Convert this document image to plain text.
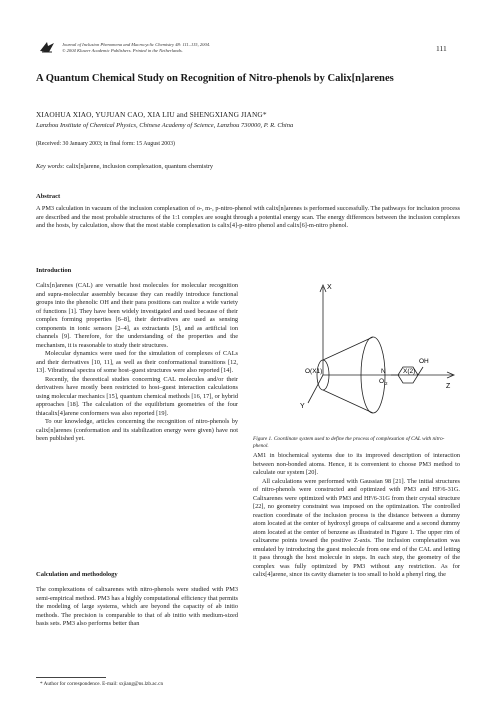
Journal of Inclusion Phenomena and Macrocyclic Chemistry 48: 111–115, 2004.
© 2004 Kluwer Academic Publishers. Printed in the Netherlands.	111
A Quantum Chemical Study on Recognition of Nitro-phenols by Calix[n]arenes
XIAOHUA XIAO, YUJUAN CAO, XIA LIU and SHENGXIANG JIANG*
Lanzhou Institute of Chemical Physics, Chinese Academy of Science, Lanzhou 730000, P. R. China
(Received: 30 January 2003; in final form: 15 August 2003)
Key words: calix[n]arene, inclusion complexation, quantum chemistry
Abstract

A PM3 calculation in vacuum of the inclusion complexation of o-, m-, p-nitro-phenol with calix[n]arenes is performed successfully. The pathways for inclusion process are described and the most probable structures of the 1:1 complex are sought through a potential energy scan. The energy differences between the inclusion complexes and the hosts, by calculation, show that the most stable complexation is calix[4]-p-nitro phenol and calix[6]-m-nitro phenol.

Introduction

Calix[n]arenes (CAL) are versatile host molecules for molecular recognition and supra-molecular assembly because they can readily introduce functional groups into the phenolic OH and their para positions can realize a wide variety of functions [1]. They have been widely investigated and used because of their complex forming properties [6–8], their derivatives are used as sensing components in ionic sensors [2–4], as extractants [5], and as artificial ion channels [9]. Therefore, for the understanding of the properties and the mechanism, it is reasonable to study their structures.

Molecular dynamics were used for the simulation of complexes of CALs and their derivatives [10, 11], as well as their conformational transitions [12, 13]. Vibrational spectra of some host–guest structures were also reported [14].

Recently, the theoretical studies concerning CAL molecules and/or their derivatives have mostly been restricted to host–guest interaction calculations using molecular mechanics [15], quantum chemical methods [16, 17], or hybrid approaches [18]. The calculation of the equilibrium geometries of the four thiacalix[4]arene conformers was also reported [19].

To our knowledge, articles concerning the recognition of nitro-phenols by calix[n]arenes (conformation and its stabilization energy were given) have not been published yet.

Calculation and methodology

The complexations of calixarenes with nitro-phenols were studied with PM3 semi-empirical method. PM3 has a highly computational efficiency that permits the modeling of large systems, which are beyond the capacity of ab initio methods. The precision is comparable to that of ab initio with medium-sized basis sets. PM3 also performs better than

X
Y
Z
O(X1)	N
O 2
X(2)
OH
Figure 1. Coordinate system used to define the process of complexation of CAL with nitro-phenol.

AM1 in biochemical systems due to its improved description of interaction between non-bonded atoms. Hence, it is convenient to choose PM3 method to calculate our system [20].

All calculations were performed with Gaussian 98 [21]. The initial structures of nitro-phenols were constructed and optimized with PM3 and HF/6-31G. Calixarenes were optimized with PM3 and HF/6-31G from their crystal structure [22], no geometry constraint was imposed on the optimization. The controlled reaction coordinate of the inclusion process is the distance between a dummy atom located at the center of hydroxyl groups of calixarene and a second dummy atom located at the center of benzene as illustrated in Figure 1. The upper rim of calixarene points toward the positive Z-axis. The inclusion complexation was emulated by introducing the guest molecule from one end of the CAL and letting it pass through the host molecule in steps. In each step, the geometry of the complex was fully optimized by PM3 without any restriction. As for calix[4]arene, since its cavity diameter is too small to hold a phenyl ring, the

* Author for correspondence. E-mail: sxjiang@ns.lzb.ac.cn
